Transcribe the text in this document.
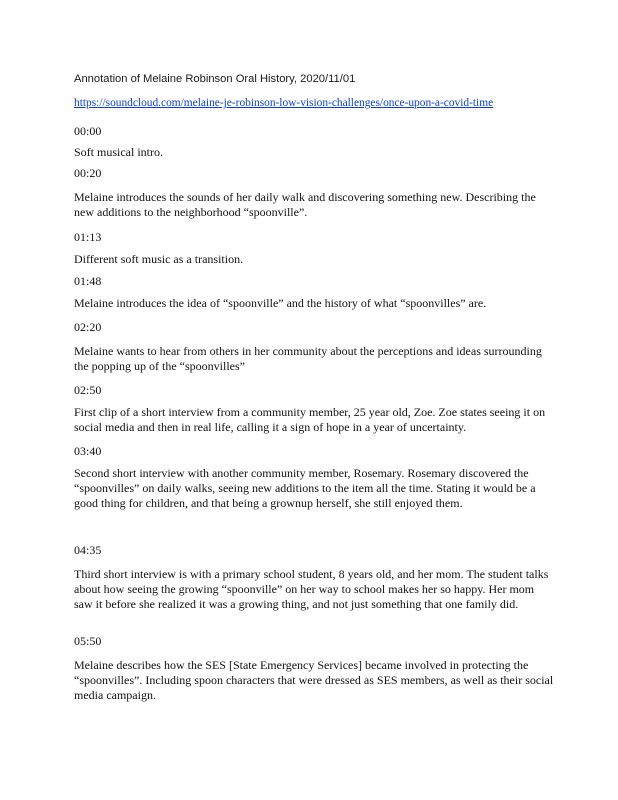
Annotation of Melaine Robinson Oral History, 2020/11/01
https://soundcloud.com/melaine-je-robinson-low-vision-challenges/once-upon-a-covid-time
00:00
Soft musical intro.
00:20
Melaine introduces the sounds of her daily walk and discovering something new. Describing the new additions to the neighborhood “spoonville”.
01:13
Different soft music as a transition.
01:48
Melaine introduces the idea of “spoonville” and the history of what “spoonvilles” are.
02:20
Melaine wants to hear from others in her community about the perceptions and ideas surrounding the popping up of the “spoonvilles”
02:50
First clip of a short interview from a community member, 25 year old, Zoe. Zoe states seeing it on social media and then in real life, calling it a sign of hope in a year of uncertainty.
03:40
Second short interview with another community member, Rosemary. Rosemary discovered the “spoonvilles” on daily walks, seeing new additions to the item all the time. Stating it would be a good thing for children, and that being a grownup herself, she still enjoyed them.
04:35
Third short interview is with a primary school student, 8 years old, and her mom. The student talks about how seeing the growing “spoonville” on her way to school makes her so happy. Her mom saw it before she realized it was a growing thing, and not just something that one family did.
05:50
Melaine describes how the SES [State Emergency Services] became involved in protecting the “spoonvilles”. Including spoon characters that were dressed as SES members, as well as their social media campaign.
